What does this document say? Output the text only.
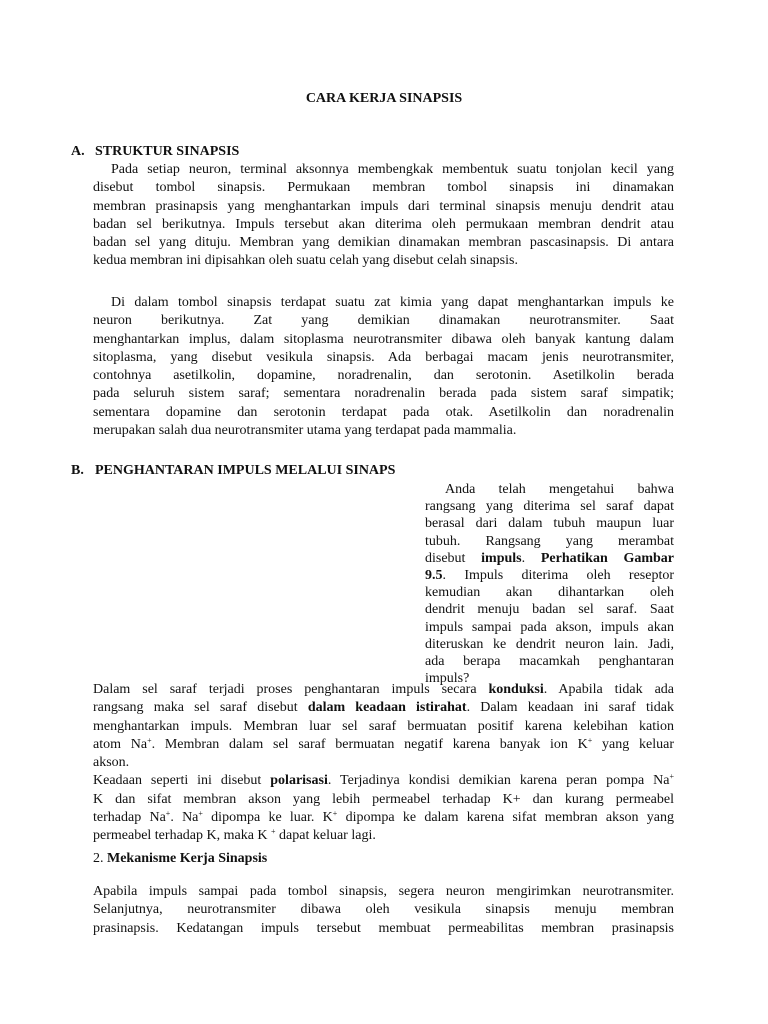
CARA KERJA SINAPSIS
A. STRUKTUR SINAPSIS
Pada setiap neuron, terminal aksonnya membengkak membentuk suatu tonjolan kecil yang
disebut tombol sinapsis. Permukaan membran tombol sinapsis ini dinamakan
membran prasinapsis yang menghantarkan impuls dari terminal sinapsis menuju dendrit atau
badan sel berikutnya. Impuls tersebut akan diterima oleh permukaan membran dendrit atau
badan sel yang dituju. Membran yang demikian dinamakan membran pascasinapsis. Di antara
kedua membran ini dipisahkan oleh suatu celah yang disebut celah sinapsis.
Di dalam tombol sinapsis terdapat suatu zat kimia yang dapat menghantarkan impuls ke
neuron berikutnya. Zat yang demikian dinamakan neurotransmiter. Saat
menghantarkan implus, dalam sitoplasma neurotransmiter dibawa oleh banyak kantung dalam
sitoplasma, yang disebut vesikula sinapsis. Ada berbagai macam jenis neurotransmiter,
contohnya asetilkolin, dopamine, noradrenalin, dan serotonin. Asetilkolin berada
pada seluruh sistem saraf; sementara noradrenalin berada pada sistem saraf simpatik;
sementara dopamine dan serotonin terdapat pada otak. Asetilkolin dan noradrenalin
merupakan salah dua neurotransmiter utama yang terdapat pada mammalia.
B. PENGHANTARAN IMPULS MELALUI SINAPS
Anda telah mengetahui bahwa
rangsang yang diterima sel saraf dapat
berasal dari dalam tubuh maupun luar
tubuh. Rangsang yang merambat
disebut impuls. Perhatikan Gambar
9.5. Impuls diterima oleh reseptor
kemudian akan dihantarkan oleh
dendrit menuju badan sel saraf. Saat
impuls sampai pada akson, impuls akan
diteruskan ke dendrit neuron lain. Jadi,
ada berapa macamkah penghantaran
impuls?
Dalam sel saraf terjadi proses penghantaran impuls secara konduksi. Apabila tidak ada
rangsang maka sel saraf disebut dalam keadaan istirahat. Dalam keadaan ini saraf tidak
menghantarkan impuls. Membran luar sel saraf bermuatan positif karena kelebihan kation
atom Na+. Membran dalam sel saraf bermuatan negatif karena banyak ion K+ yang keluar
akson.
Keadaan seperti ini disebut polarisasi. Terjadinya kondisi demikian karena peran pompa Na+
K dan sifat membran akson yang lebih permeabel terhadap K+ dan kurang permeabel
terhadap Na+. Na+ dipompa ke luar. K+ dipompa ke dalam karena sifat membran akson yang
permeabel terhadap K, maka K + dapat keluar lagi.
2. Mekanisme Kerja Sinapsis
Apabila impuls sampai pada tombol sinapsis, segera neuron mengirimkan neurotransmiter.
Selanjutnya, neurotransmiter dibawa oleh vesikula sinapsis menuju membran
prasinapsis. Kedatangan impuls tersebut membuat permeabilitas membran prasinapsis
